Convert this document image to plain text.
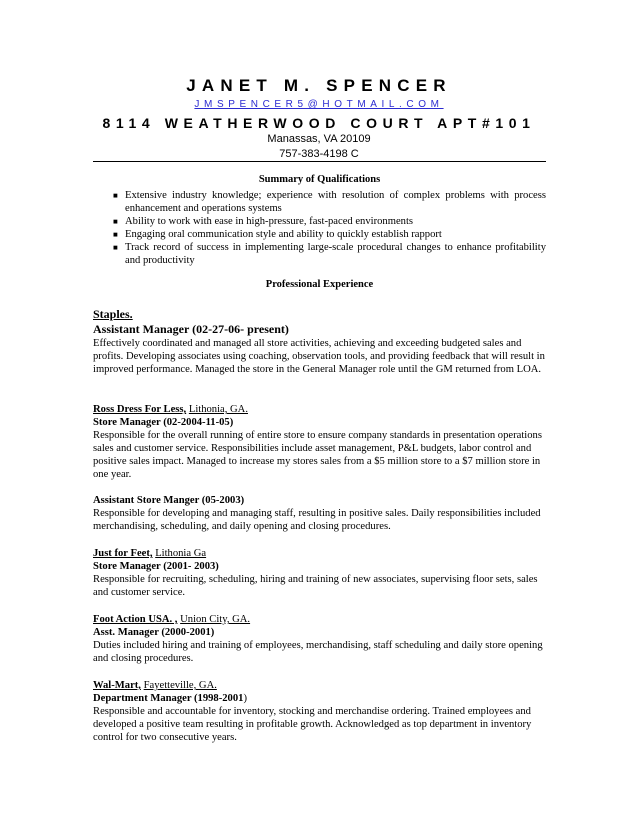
JANET M. SPENCER
JMSPENCER5@HOTMAIL.COM
8114 WEATHERWOOD COURT APT#101
Manassas, VA 20109
757-383-4198 C
Summary of Qualifications
■ Extensive industry knowledge; experience with resolution of complex problems with process enhancement and operations systems
■ Ability to work with ease in high-pressure, fast-paced environments
■ Engaging oral communication style and ability to quickly establish rapport
■ Track record of success in implementing large-scale procedural changes to enhance profitability and productivity
Professional Experience
Staples.
Assistant Manager (02-27-06- present)
Effectively coordinated and managed all store activities, achieving and exceeding budgeted sales and profits. Developing associates using coaching, observation tools, and providing feedback that will result in improved performance. Managed the store in the General Manager role until the GM returned from LOA.
Ross Dress For Less, Lithonia, GA.
Store Manager (02-2004-11-05)
Responsible for the overall running of entire store to ensure company standards in presentation operations sales and customer service. Responsibilities include asset management, P&L budgets, labor control and positive sales impact. Managed to increase my stores sales from a $5 million store to a $7 million store in one year.
Assistant Store Manger (05-2003)
Responsible for developing and managing staff, resulting in positive sales. Daily responsibilities included merchandising, scheduling, and daily opening and closing procedures.
Just for Feet, Lithonia Ga
Store Manager (2001- 2003)
Responsible for recruiting, scheduling, hiring and training of new associates, supervising floor sets, sales and customer service.
Foot Action USA. , Union City, GA.
Asst. Manager (2000-2001)
Duties included hiring and training of employees, merchandising, staff scheduling and daily store opening and closing procedures.
Wal-Mart, Fayetteville, GA.
Department Manager (1998-2001)
Responsible and accountable for inventory, stocking and merchandise ordering. Trained employees and developed a positive team resulting in profitable growth. Acknowledged as top department in inventory control for two consecutive years.
